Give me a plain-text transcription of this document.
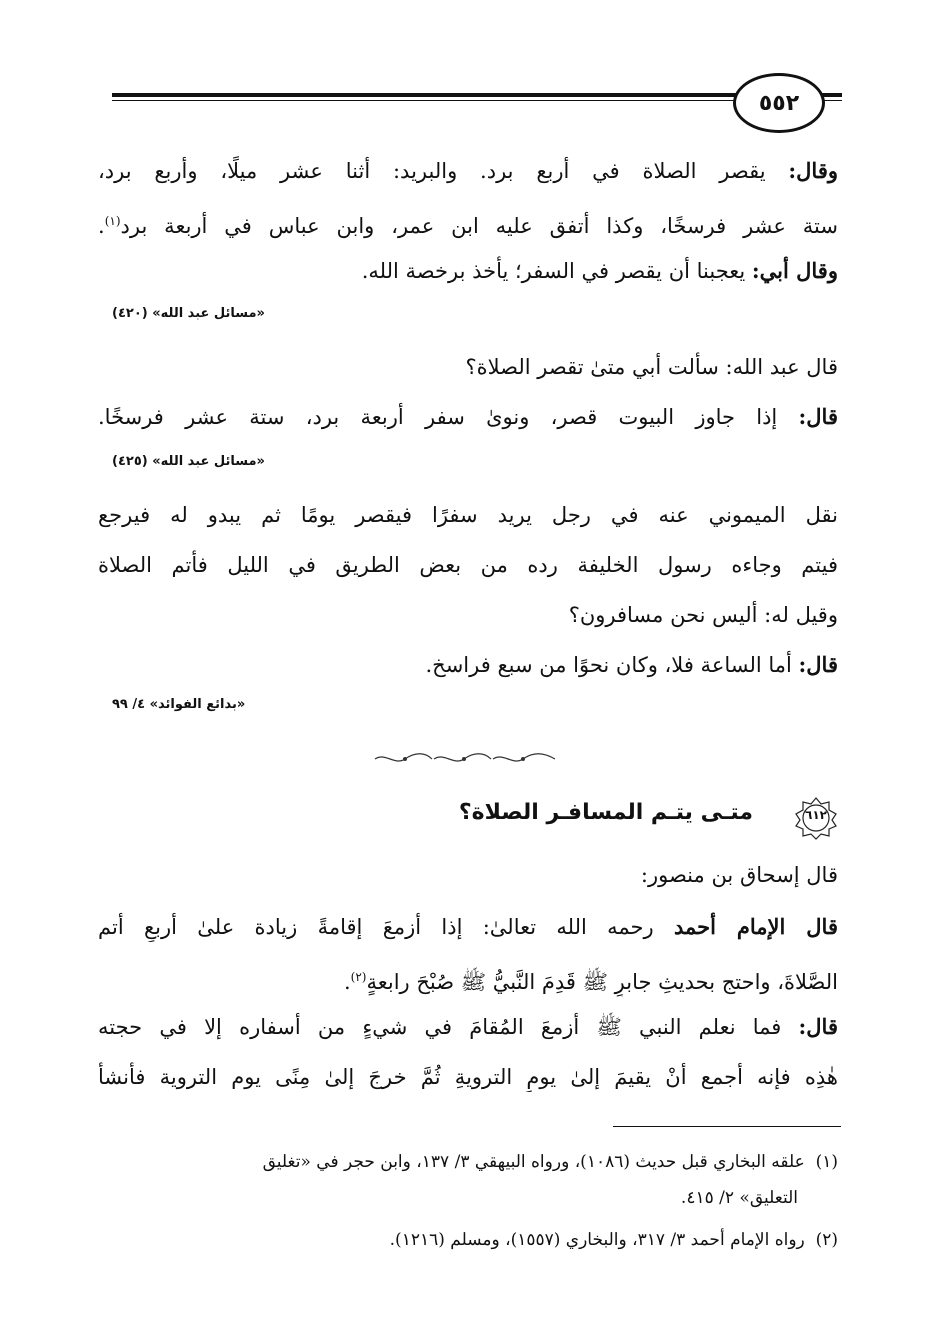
٥٥٢
وقال: يقصر الصلاة في أربع برد. والبريد: أثنا عشر ميلًا، وأربع برد،
ستة عشر فرسخًا، وكذا أتفق عليه ابن عمر، وابن عباس في أربعة برد$^{(١)}$.
وقال أبي: يعجبنا أن يقصر في السفر؛ يأخذ برخصة الله.
«مسائل عبد الله» (٤٢٠)
قال عبد الله: سألت أبي متىٰ تقصر الصلاة؟
قال: إذا جاوز البيوت قصر، ونوىٰ سفر أربعة برد، ستة عشر فرسخًا.
«مسائل عبد الله» (٤٢٥)
نقل الميموني عنه في رجل يريد سفرًا فيقصر يومًا ثم يبدو له فيرجع
فيتم وجاءه رسول الخليفة رده من بعض الطريق في الليل فأتم الصلاة
وقيل له: أليس نحن مسافرون؟
قال: أما الساعة فلا، وكان نحوًا من سبع فراسخ.
«بدائع الفوائد» ٤/ ٩٩
٦١٢
متـى يتـم المسافـر الصلاة؟
قال إسحاق بن منصور:
قال الإمام أحمد رحمه الله تعالىٰ: إذا أزمعَ إقامةً زيادة علىٰ أربعٍ أتم
الصَّلاةَ، واحتج بحديثِ جابرٍ ﷺ قَدِمَ النَّبيُّ ﷺ صُبْحَ رابعةٍ$^{(٢)}$.
قال: فما نعلم النبي ﷺ أزمعَ المُقامَ في شيءٍ من أسفاره إلا في حجته
هٰذِه فإنه أجمع أنْ يقيمَ إلىٰ يومِ الترويةِ ثُمَّ خرجَ إلىٰ مِنًى يوم التروية فأنشأَ
(١)  علقه البخاري قبل حديث (١٠٨٦)، ورواه البيهقي ٣/ ١٣٧، وابن حجر في «تغليق
التعليق» ٢/ ٤١٥.
(٢)  رواه الإمام أحمد ٣/ ٣١٧، والبخاري (١٥٥٧)، ومسلم (١٢١٦).
